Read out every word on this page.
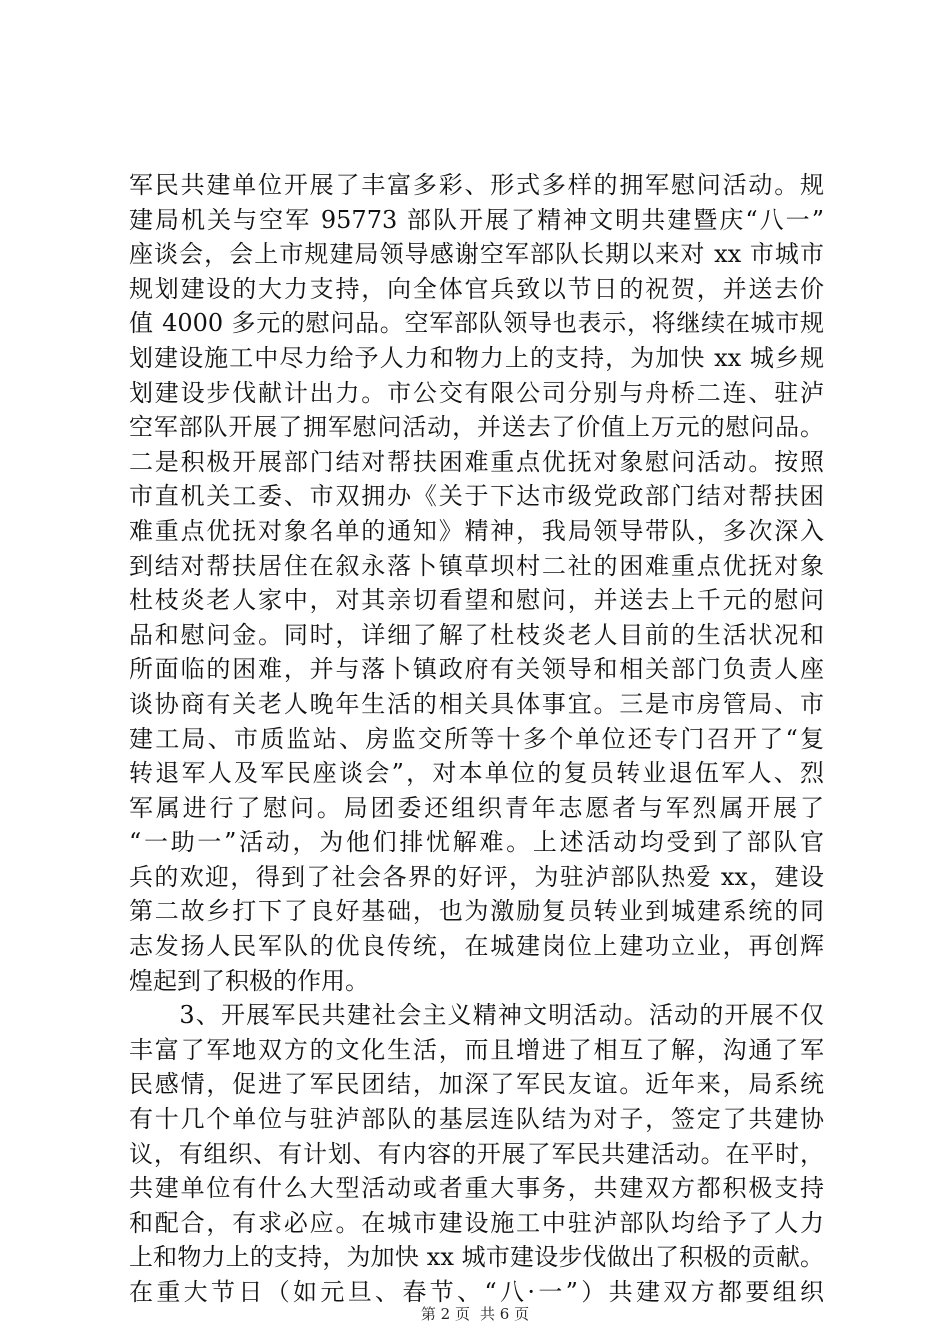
军民共建单位开展了丰富多彩、形式多样的拥军慰问活动。规
建局机关与空军 95773 部队开展了精神文明共建暨庆“八一”
座谈会，会上市规建局领导感谢空军部队长期以来对 xx 市城市
规划建设的大力支持，向全体官兵致以节日的祝贺，并送去价
值 4000 多元的慰问品。空军部队领导也表示，将继续在城市规
划建设施工中尽力给予人力和物力上的支持，为加快 xx 城乡规
划建设步伐献计出力。市公交有限公司分别与舟桥二连、驻泸
空军部队开展了拥军慰问活动，并送去了价值上万元的慰问品。
二是积极开展部门结对帮扶困难重点优抚对象慰问活动。按照
市直机关工委、市双拥办《关于下达市级党政部门结对帮扶困
难重点优抚对象名单的通知》精神，我局领导带队，多次深入
到结对帮扶居住在叙永落卜镇草坝村二社的困难重点优抚对象
杜枝炎老人家中，对其亲切看望和慰问，并送去上千元的慰问
品和慰问金。同时，详细了解了杜枝炎老人目前的生活状况和
所面临的困难，并与落卜镇政府有关领导和相关部门负责人座
谈协商有关老人晚年生活的相关具体事宜。三是市房管局、市
建工局、市质监站、房监交所等十多个单位还专门召开了“复
转退军人及军民座谈会”，对本单位的复员转业退伍军人、烈
军属进行了慰问。局团委还组织青年志愿者与军烈属开展了
“一助一”活动，为他们排忧解难。上述活动均受到了部队官
兵的欢迎，得到了社会各界的好评，为驻泸部队热爱 xx，建设
第二故乡打下了良好基础，也为激励复员转业到城建系统的同
志发扬人民军队的优良传统，在城建岗位上建功立业，再创辉
煌起到了积极的作用。
　　3、开展军民共建社会主义精神文明活动。活动的开展不仅
丰富了军地双方的文化生活，而且增进了相互了解，沟通了军
民感情，促进了军民团结，加深了军民友谊。近年来，局系统
有十几个单位与驻泸部队的基层连队结为对子，签定了共建协
议，有组织、有计划、有内容的开展了军民共建活动。在平时，
共建单位有什么大型活动或者重大事务，共建双方都积极支持
和配合，有求必应。在城市建设施工中驻泸部队均给予了人力
上和物力上的支持，为加快 xx 城市建设步伐做出了积极的贡献。
在重大节日（如元旦、春节、“八·一”）共建双方都要组织
第 2 页 共 6 页
